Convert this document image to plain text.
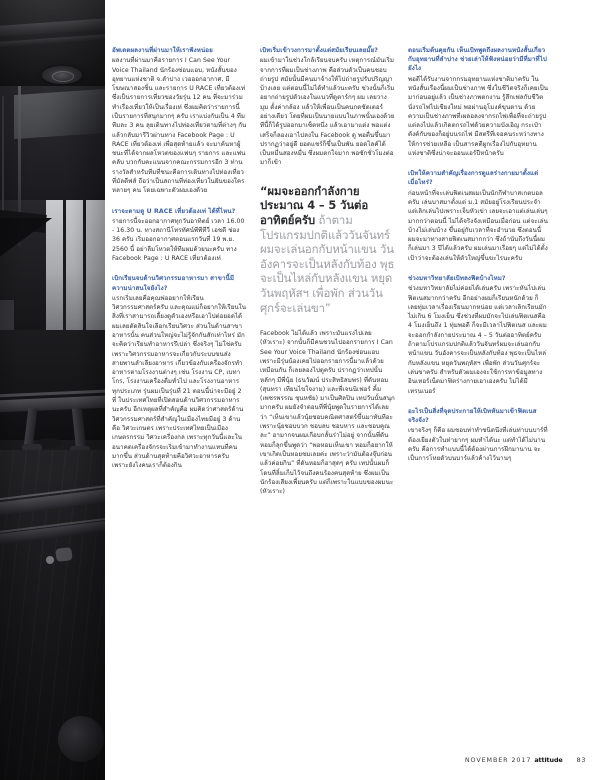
อัพเดตผลงานที่ผ่านมาให้เราฟังหน่อย

ผลงานที่ผ่านมาคือรายการ I Can See Your Voice Thailand นักร้องซ่อนแอบ, หนังสั้นของอุทยานแห่งชาติ จ.ลำปาง เวอออกอากาศ, มีโฆษณาสองชิ้น และรายการ U RACE เที่ยวต้องเท่ ซึ่งเป็นรายการเที่ยวของวัยรุ่น 12 คน ที่จะมาร่วมทำเรื่องเที่ยวให้เป็นเรื่องเท่ ซึ่งผมคิดว่ารายการนี้เป็นรายการที่สนุกมากๆ ครับ เราแบ่งกันเป็น 4 ทีม ทีมละ 3 คน ลุยเดินทางไปท่องเที่ยวตามที่ต่างๆ กัน แล้วกลับมารีวิวผ่านทาง Facebook Page : U RACE เที่ยวต้องเท่ เพื่อสุดท้ายแล้ว จะมาค้นหาผู้ชนะที่ได้จากผลโหวตของแฟนๆ รายการ และแฟนคลับ บวกกับคะแนนจากคณะกรรมการอีก 3 ท่าน รางวัลสำหรับทีมที่ชนะคือการเดินทางไปท่องเที่ยวที่มัลดีฟส์ ถือว่าเป็นสถานที่ท่องเที่ยวในฝันของใครหลายๆ คน โดยเฉพาะตัวผมเองด้วย

เราจะตามดู U RACE เที่ยวต้องเท่ ได้ที่ไหน?

รายการนี้จะออกอากาศทุกวันอาทิตย์ เวลา 16.00 - 16.30 น. ทางสถานีโทรทัศน์พีพีทีวี เอชดี ช่อง 36 ครับ เริ่มออกอากาศตอนแรกวันที่ 19 พ.ย. 2560 นี้ อย่าลืมโหวตให้ทีมผมด้วยนะครับ ทาง Facebook Page : U RACE เที่ยวต้องเท่

เบิกเรียนจบด้านวิศวกรรมอาหารมา สาขานี้มีความน่าสนใจยังไง?

แรกเริ่มเลยคือคุณพ่ออยากให้เรียนวิศวกรรมศาสตร์ครับ และคุณแม่ก็อยากให้เรียนในสิ่งที่เราสามารถเลี้ยงดูตัวเองหรือเอาไปต่อยอดได้ ผมเลยตัดสินใจเลือกเรียนวิศวะ ส่วนในด้านสาขาอาหารนั้น คนส่วนใหญ่จะไม่รู้จักกันสักเท่าไหร่ มักจะคิดว่าเรียนทำอาหารรึเปล่า ซึ่งจริงๆ ไม่ใช่ครับ เพราะวิศวกรรมอาหารจะเกี่ยวกับระบบขนส่งสายพานลำเลียงอาหาร เกี่ยวข้องกับเครื่องจักรทำอาหารตามโรงงานต่างๆ เช่น โรงงาน CP, เบทาโกร, โรงงานเครื่องดื่มทั่วไป และโรงงานอาหารทุกประเภท รุ่นผมเป็นรุ่นที่ 21 ตอนนี้น่าจะมีอยู่ 2 ที่ ในประเทศไทยที่เปิดสอนด้านวิศวกรรมอาหารนะครับ อีกเหตุผลที่สำคัญคือ ผมคิดว่าศาสตร์ด้านวิศวกรรมศาสตร์ที่สำคัญในเมืองไทยมีอยู่ 3 ด้าน คือ วิศวะเกษตร เพราะประเทศไทยเป็นเมืองเกษตรกรรม วิศวะเครื่องกล เพราะทุกวันนี้และในอนาคตเครื่องจักรจะเริ่มเข้ามาทำงานแทนที่คนมากขึ้น ส่วนด้านสุดท้ายคือวิศวะอาหารครับ เพราะยังไงคนเราก็ต้องกิน

เบิทเริ่มเข้าวงการมาตั้งแต่สมัยเรียนเลยมั๊ย?

ผมเข้ามาในช่วงใกล้เรียนจบครับ เหตุการณ์มันเริ่มจากการที่ผมเป็นช่างภาพ คือส่วนตัวเป็นคนชอบถ่ายรูป สมัยนั้นมีคนมาจ้างให้ไปถ่ายรูปรับปริญญาบ้างเลย แต่ตอนนี้ไม่ได้ทำแล้วนะครับ ช่วงนั้นก็เริ่มอยากถ่ายรูปตัวเองในแนวที่ดูตาร์กๆ ผม เลยวางมุม ตั้งค่ากล้อง แล้วให้เพื่อนเป็นคนกดชัตเตอร์อย่างเดียว โดยที่ผมเป็นนายแบบในภาพนั้นเองด้วย ทีนี้ก็ได้รูปออกมาเซ็ตหนึ่ง แล้วเอามาแต่ง พอแต่งเสร็จก็ลองเอาไปลงใน Facebook ดู พอตื่นขึ้นมาปรากฏว่าอยู่ดี ยอดแชร์ก็ขึ้นเป็นพัน ยอดไลค์ได้เป็นหมื่นสองหมื่น ซึ่งผมตกใจมาก พอซักชั่วโมงต่อมาก็เข้า

“ผมจะออกกำลังกายประมาณ 4 – 5 วันต่ออาทิตย์ครับ ถ้าตามโปรแกรมปกติแล้ววันจันทร์ผมจะเล่นอกกับหน้าแขน วันอังคารจะเป็นหลังกับท้อง พุธจะเป็นไหล่กับหลังแขน หยุดวันพฤหัสฯ เพื่อพัก ส่วนวันศุกร์จะเล่นขา”

Facebook ไม่ได้แล้ว เพราะมันแรงไปเลย (หัวเราะ) จากนั้นก็มีคนชวนไปออกรายการ I Can See Your Voice Thailand นักร้องซ่อนแอบ เพราะมีรุ่นน้องเคยไปออกรายการนี้มาแล้วด้วยเหมือนกัน ก็เลยลองไปดูครับ ปรากฏว่าเทปนั้นหลักๆ มีพี่นุ้ย (ธนวัฒน์ ประสิทธิสมพร) ที่ดันหอม (สุนทรา เทียนไขใจงาม) และพี่เจนนิเฟอร์ คิ้ม (เพชรพรรณ ชุนหชัย) มาเป็นศิลปิน เทปวันนั้นสนุกมากครับ ผมยังจำตอนที่พี่นุ้ยพูดในรายการได้เลยว่า “เห็นเขาแล้วนุ้ยชอบคณิตศาสตร์ขึ้นมาทันทีอะ เพราะนุ้ยชอบบวก ชอบลบ ชอบหาร และชอบคูณละ” ฮามากจนผมเกือบกลั้นร่าไม่อยู่ จากนั้นพี่ดันหอมก็ลุกขึ้นพูดว่า “พอหอมเห็นเขา หอมก็อยากให้เขาเกิดเป็นหอยชมเลยค่ะ เพราะว่ามันต้องจุ๊บก่อนแล้วค่อยกิน” ที่ดันหอมก็ฮาสุดๆ ครับ เทปนั้นผมก็โดนที่ลิ้มเก็บไว้จนถึงคนร้องคนสุดท้าย ซึ่งผมเป็นนักร้องเสียงเพี้ยนครับ แต่ก็เพราะในแบบของผมนะ (หัวเราะ)

ตอนเริ่มต้นคุยกัน เห็นเบิทพูดถึงผลงานหนังสั้นเกี่ยวกับอุทยานที่ลำปาง ช่วยเล่าให้ฟังหน่อยว่ามีที่มาที่ไปยังไง

พอดีได้รับงานจากกรมอุทยานแห่งชาติมาครับ ในหนังสั้นเรื่องนี้ผมเป็นช่างภาพ ซึ่งในชีวิตจริงก็เคยเป็นมาก่อนอยู่แล้ว เป็นช่างภาพตกงาน รู้สึกเฟลกับชีวิต นั่งรถไฟไปเชียงใหม่ พอผ่านอุโมงค์ขุนตาน ด้วยความเป็นช่างภาพที่เผลอลงจากรถไฟเพื่อที่จะถ่ายรูป แต่ลงไปแล้วเกิดตกรถไฟด้วยความบังเอิญ กระเป๋าตังค์กับของก็อยู่บนรถไฟ มีสตรีที่เจอคนระหว่างทางให้การช่วยเหลือ เป็นสารคดีผูกเรื่องไปกับอุทยานแห่งชาติซึ่งน่าจะออนแอร์ปีหน้าครับ

เบิทให้ความสำคัญเรื่องการดูแลร่างกายมาตั้งแต่เมื่อไหร่?

ก่อนหน้าที่จะเล่นฟิตเนสผมเป็นนักกีฬาบาสเกตบอลครับ เล่นบาสมาตั้งแต่ ม.1 สมัยอยู่โรงเรียนประจำ แต่เลิกเล่นไปเพราะเจ็บหัวเข่า เลยจะเอาแต่เล่นเล่นๆ มากกว่าตอนนี้ ไม่ได้จริงจังเหมือนเมื่อก่อน แต่จะเล่นบ้างไม่เล่นบ้าง ขึ้นอยู่กับเวลาที่จะอำนวย ซึ่งตอนนี้ผมจะมาทางสายฟิตเนสมากกว่า ซึ่งถ้านับถึงวันนี้ผมก็เล่นมา 3 ปีได้แล้วครับ ผมเล่นมาเรื่อยๆ แต่ไม่ได้ตั้งเป้าว่าจะต้องเล่นให้ตัวใหญ่ขึ้นขะไรนะครับ

ช่วงมหาวิทยาลัยเบิทลงฟิตบ้างไหม?

ช่วงมหาวิทยาลัยไม่ค่อยได้เล่นครับ เพราะหันไปเล่นฟิตเนสมากกว่าครับ อีกอย่างผมก็เรียนหนักด้วย ก็เลยทุ่มเวลาเรื่องเรียนมากหน่อย แต่เวลาเลิกเรียนมักไม่เกิน 6 โมงเย็น ซึ่งช่วงที่ผมมักจะไปเล่นฟิตเนสคือ 4 โมงเย็นถึง 1 ทุ่มพอดี ก็จะมีเวลาไปฟิตเนส และผมจะออกกำลังกายประมาณ 4 – 5 วันต่ออาทิตย์ครับ ถ้าตามโปรแกรมปกติแล้ววันจันทร์ผมจะเล่นอกกับหน้าแขน วันอังคารจะเป็นหลังกับท้อง พุธจะเป็นไหล่กับหลังแขน หยุดวันพฤหัสฯ เพื่อพัก ส่วนวันศุกร์จะเล่นขาครับ สำหรับตัวผมเองจะใช้การหาข้อมูลทางอินเทอร์เน็ตมาฟิตร่างกายเอาเองครับ ไม่ได้มีเทรนเนอร์

อะไรเป็นสิ่งที่จุดประกายให้เบิทหันมาเข้าฟิตเนสจริงจัง?

เขาจริงๆ ก็คือ ผมชอบท่าทำชนิดนึงที่เล่นท่าบนบาร์ที่ต้องเยี่ยงตัวในท่ายากๆ ผมทำได้นะ แต่ทำได้ไม่นานครับ คือการทำแบบนี้ได้ต้องผ่านการฝึกมานาน จะเป็นการโหยตัวบนบาร์แล้วค้างไว้นานๆ

NOVEMBER 2017 attitude 83
